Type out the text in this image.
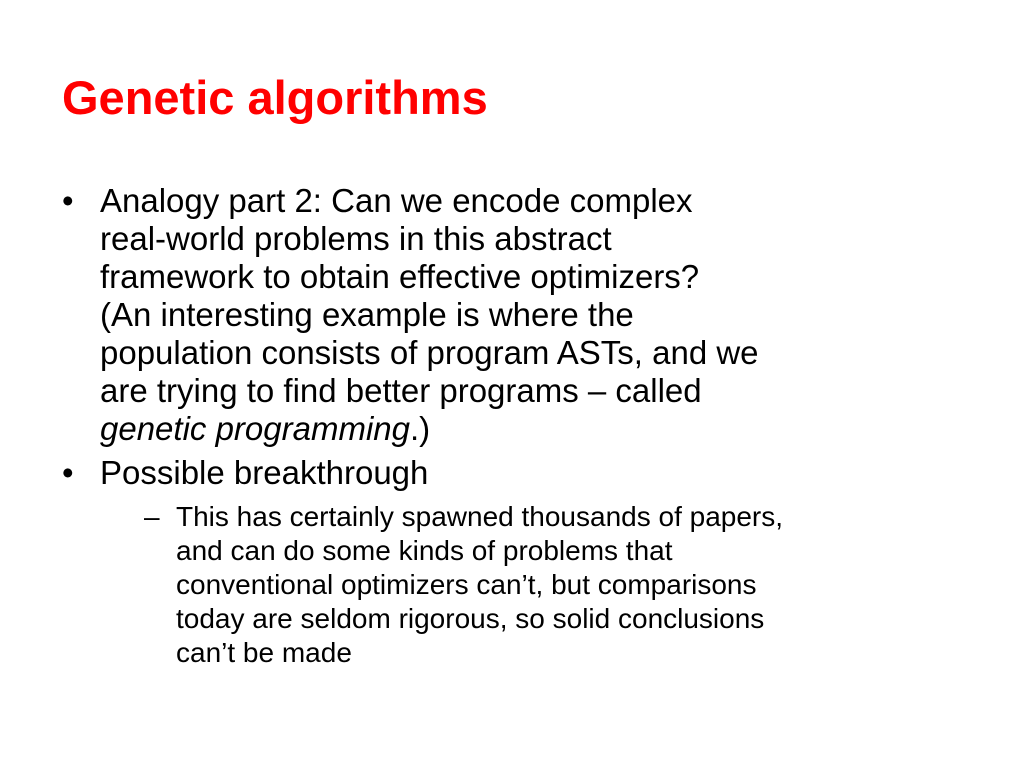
Genetic algorithms
• Analogy part 2: Can we encode complex
real-world problems in this abstract
framework to obtain effective optimizers?
(An interesting example is where the
population consists of program ASTs, and we
are trying to find better programs – called
genetic programming.)
• Possible breakthrough
– This has certainly spawned thousands of papers,
and can do some kinds of problems that
conventional optimizers can’t, but comparisons
today are seldom rigorous, so solid conclusions
can’t be made
